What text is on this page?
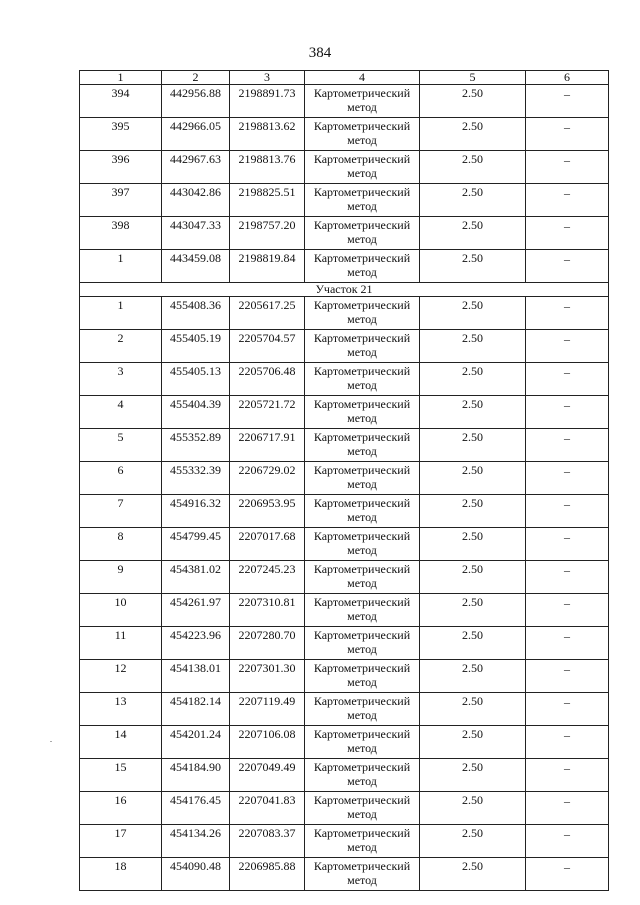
384
1	2	3	4	5	6
394	442956.88	2198891.73	Картометрический метод	2.50	–
395	442966.05	2198813.62	Картометрический метод	2.50	–
396	442967.63	2198813.76	Картометрический метод	2.50	–
397	443042.86	2198825.51	Картометрический метод	2.50	–
398	443047.33	2198757.20	Картометрический метод	2.50	–
1	443459.08	2198819.84	Картометрический метод	2.50	–
Участок 21					
1	455408.36	2205617.25	Картометрический метод	2.50	–
2	455405.19	2205704.57	Картометрический метод	2.50	–
3	455405.13	2205706.48	Картометрический метод	2.50	–
4	455404.39	2205721.72	Картометрический метод	2.50	–
5	455352.89	2206717.91	Картометрический метод	2.50	–
6	455332.39	2206729.02	Картометрический метод	2.50	–
7	454916.32	2206953.95	Картометрический метод	2.50	–
8	454799.45	2207017.68	Картометрический метод	2.50	–
9	454381.02	2207245.23	Картометрический метод	2.50	–
10	454261.97	2207310.81	Картометрический метод	2.50	–
11	454223.96	2207280.70	Картометрический метод	2.50	–
12	454138.01	2207301.30	Картометрический метод	2.50	–
13	454182.14	2207119.49	Картометрический метод	2.50	–
14	454201.24	2207106.08	Картометрический метод	2.50	–
15	454184.90	2207049.49	Картометрический метод	2.50	–
16	454176.45	2207041.83	Картометрический метод	2.50	–
17	454134.26	2207083.37	Картометрический метод	2.50	–
18	454090.48	2206985.88	Картометрический метод	2.50	–
